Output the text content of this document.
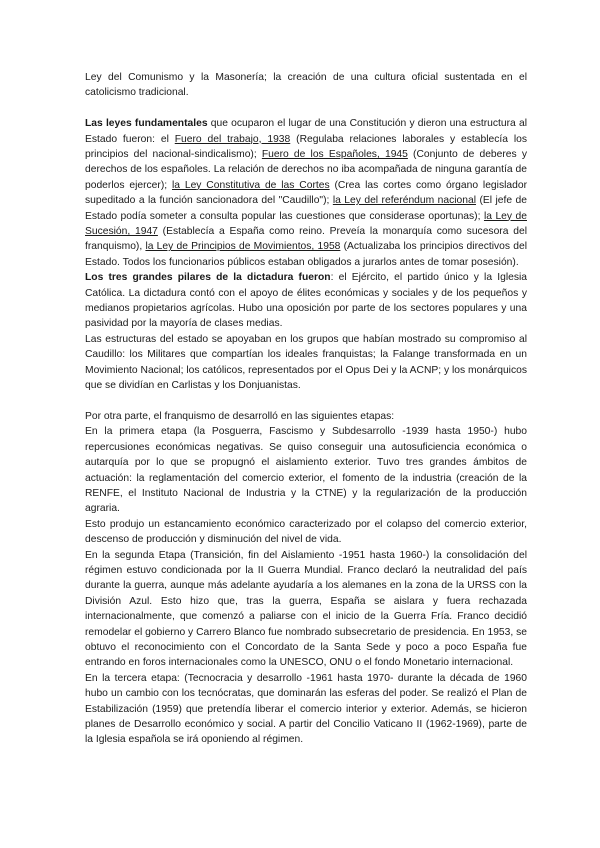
Ley del Comunismo y la Masonería; la creación de una cultura oficial sustentada en el catolicismo tradicional.

Las leyes fundamentales que ocuparon el lugar de una Constitución y dieron una estructura al Estado fueron: el Fuero del trabajo, 1938 (Regulaba relaciones laborales y establecía los principios del nacional-sindicalismo); Fuero de los Españoles, 1945 (Conjunto de deberes y derechos de los españoles. La relación de derechos no iba acompañada de ninguna garantía de poderlos ejercer); la Ley Constitutiva de las Cortes (Crea las cortes como órgano legislador supeditado a la función sancionadora del "Caudillo"); la Ley del referéndum nacional (El jefe de Estado podía someter a consulta popular las cuestiones que considerase oportunas); la Ley de Sucesión, 1947 (Establecía a España como reino. Preveía la monarquía como sucesora del franquismo), la Ley de Principios de Movimientos, 1958 (Actualizaba los principios directivos del Estado. Todos los funcionarios públicos estaban obligados a jurarlos antes de tomar posesión).

Los tres grandes pilares de la dictadura fueron: el Ejército, el partido único y la Iglesia Católica. La dictadura contó con el apoyo de élites económicas y sociales y de los pequeños y medianos propietarios agrícolas. Hubo una oposición por parte de los sectores populares y una pasividad por la mayoría de clases medias.

Las estructuras del estado se apoyaban en los grupos que habían mostrado su compromiso al Caudillo: los Militares que compartían los ideales franquistas; la Falange transformada en un Movimiento Nacional; los católicos, representados por el Opus Dei y la ACNP; y los monárquicos que se dividían en Carlistas y los Donjuanistas.

Por otra parte, el franquismo de desarrolló en las siguientes etapas:

En la primera etapa (la Posguerra, Fascismo y Subdesarrollo -1939 hasta 1950-) hubo repercusiones económicas negativas. Se quiso conseguir una autosuficiencia económica o autarquía por lo que se propugnó el aislamiento exterior. Tuvo tres grandes ámbitos de actuación: la reglamentación del comercio exterior, el fomento de la industria (creación de la RENFE, el Instituto Nacional de Industria y la CTNE) y la regularización de la producción agraria.

Esto produjo un estancamiento económico caracterizado por el colapso del comercio exterior, descenso de producción y disminución del nivel de vida.

En la segunda Etapa (Transición, fin del Aislamiento -1951 hasta 1960-) la consolidación del régimen estuvo condicionada por la II Guerra Mundial. Franco declaró la neutralidad del país durante la guerra, aunque más adelante ayudaría a los alemanes en la zona de la URSS con la División Azul. Esto hizo que, tras la guerra, España se aislara y fuera rechazada internacionalmente, que comenzó a paliarse con el inicio de la Guerra Fría. Franco decidió remodelar el gobierno y Carrero Blanco fue nombrado subsecretario de presidencia. En 1953, se obtuvo el reconocimiento con el Concordato de la Santa Sede y poco a poco España fue entrando en foros internacionales como la UNESCO, ONU o el fondo Monetario internacional.

En la tercera etapa: (Tecnocracia y desarrollo -1961 hasta 1970- durante la década de 1960 hubo un cambio con los tecnócratas, que dominarán las esferas del poder. Se realizó el Plan de Estabilización (1959) que pretendía liberar el comercio interior y exterior. Además, se hicieron planes de Desarrollo económico y social. A partir del Concilio Vaticano II (1962-1969), parte de la Iglesia española se irá oponiendo al régimen.
